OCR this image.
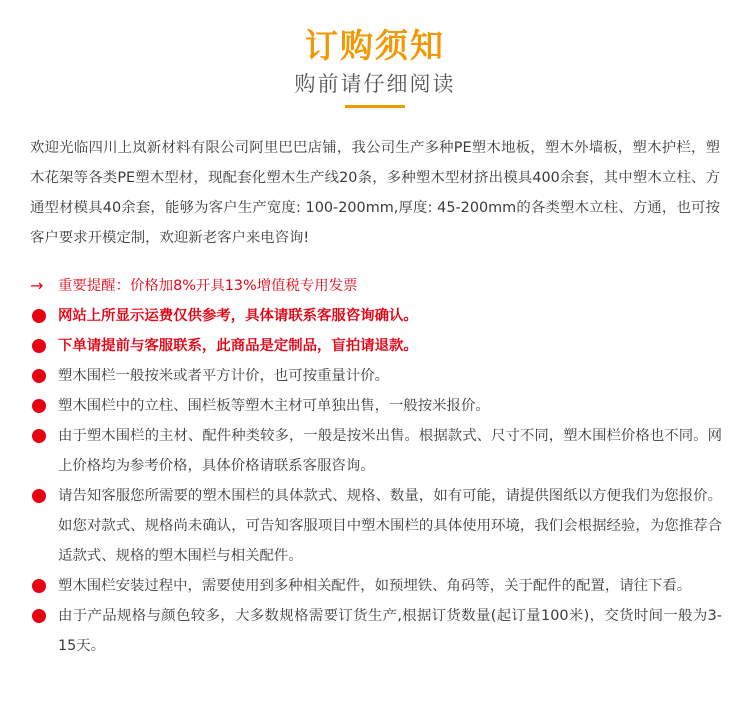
订购须知
购前请仔细阅读
欢迎光临四川上岚新材料有限公司阿里巴巴店铺，我公司生产多种PE塑木地板，塑木外墙板，塑木护栏，塑木花架等各类PE塑木型材，现配套化塑木生产线20条，多种塑木型材挤出模具400余套，其中塑木立柱、方通型材模具40余套，能够为客户生产宽度: 100-200mm,厚度: 45-200mm的各类塑木立柱、方通，也可按客户要求开模定制，欢迎新老客户来电咨询!
→ 重要提醒：价格加8%开具13%增值税专用发票
网站上所显示运费仅供参考，具体请联系客服咨询确认。
下单请提前与客服联系，此商品是定制品，盲拍请退款。
塑木围栏一般按米或者平方计价，也可按重量计价。
塑木围栏中的立柱、围栏板等塑木主材可单独出售，一般按米报价。
由于塑木围栏的主材、配件种类较多，一般是按米出售。根据款式、尺寸不同，塑木围栏价格也不同。网上价格均为参考价格，具体价格请联系客服咨询。
请告知客服您所需要的塑木围栏的具体款式、规格、数量，如有可能，请提供图纸以方便我们为您报价。如您对款式、规格尚未确认，可告知客服项目中塑木围栏的具体使用环境，我们会根据经验，为您推荐合适款式、规格的塑木围栏与相关配件。
塑木围栏安装过程中，需要使用到多种相关配件，如预埋铁、角码等，关于配件的配置，请往下看。
由于产品规格与颜色较多，大多数规格需要订货生产,根据订货数量(起订量100米)，交货时间一般为3-15天。
